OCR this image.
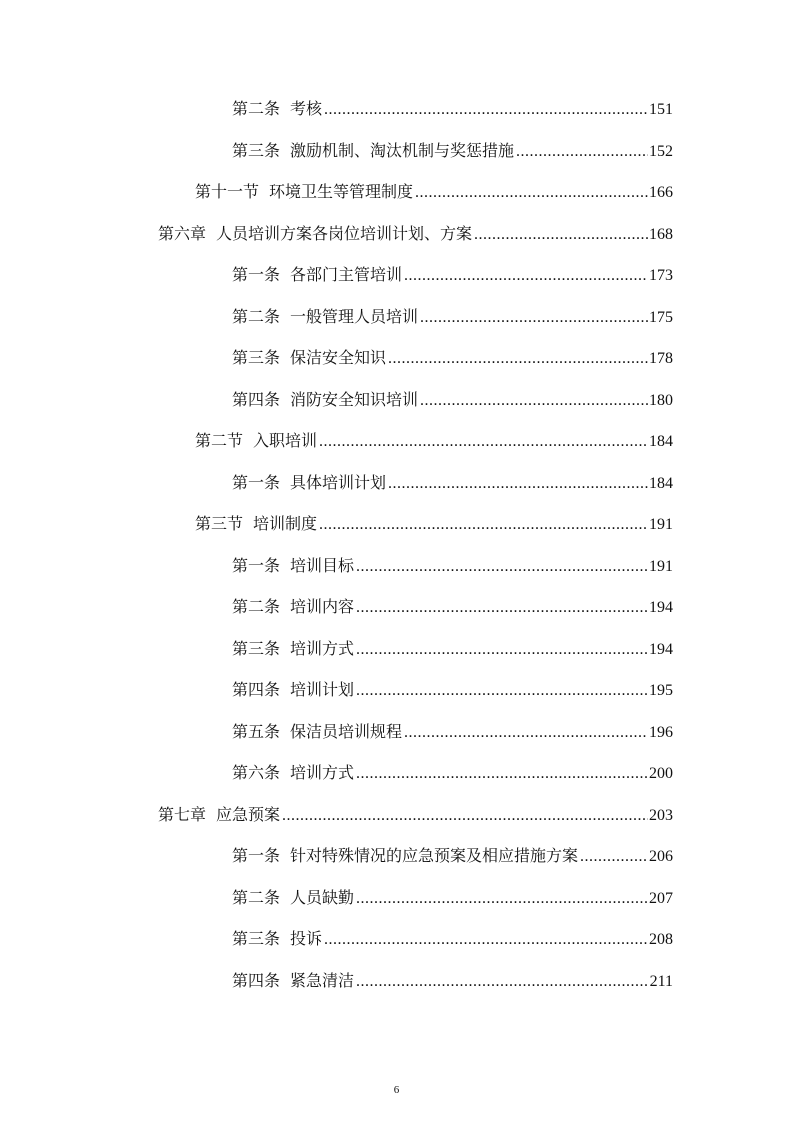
第二条 考核 .....	151
第三条 激励机制、淘汰机制与奖惩措施 .....	152
第十一节 环境卫生等管理制度 .....	166
第六章 人员培训方案各岗位培训计划、方案 .....	168
第一条 各部门主管培训 .....	173
第二条 一般管理人员培训 .....	175
第三条 保洁安全知识 .....	178
第四条 消防安全知识培训 .....	180
第二节 入职培训 .....	184
第一条 具体培训计划 .....	184
第三节 培训制度 .....	191
第一条 培训目标 .....	191
第二条 培训内容 .....	194
第三条 培训方式 .....	194
第四条 培训计划 .....	195
第五条 保洁员培训规程 .....	196
第六条 培训方式 .....	200
第七章 应急预案 .....	203
第一条 针对特殊情况的应急预案及相应措施方案 .....	206
第二条 人员缺勤 .....	207
第三条 投诉 .....	208
第四条 紧急清洁 .....	211
6
